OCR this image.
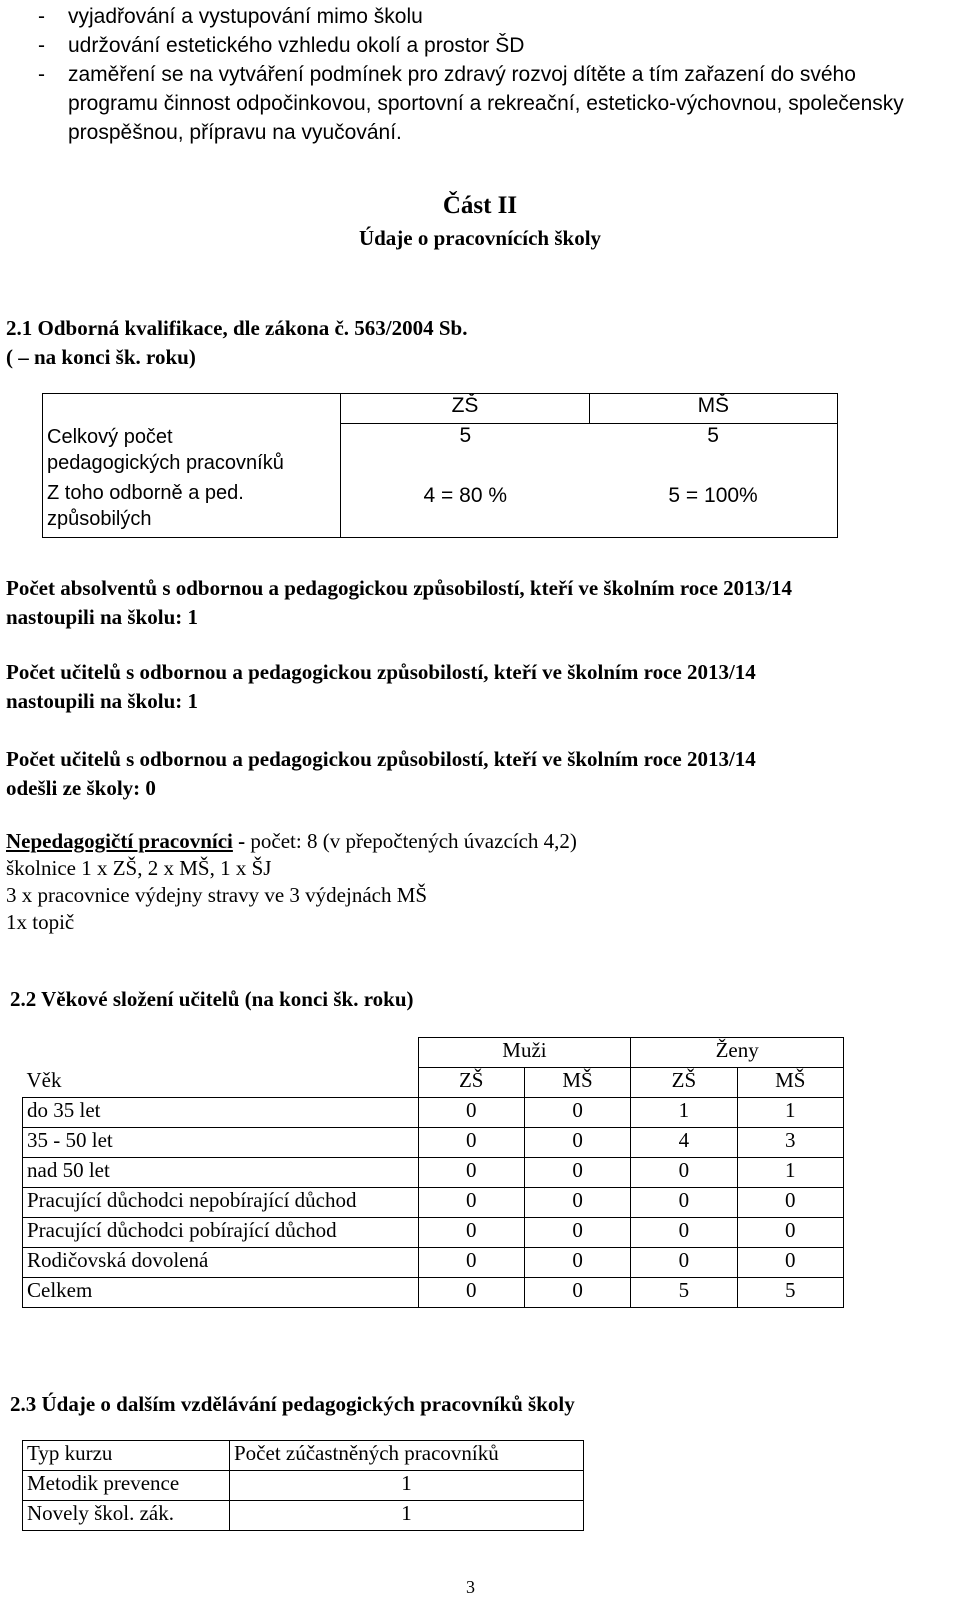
- vyjadřování a vystupování mimo školu
- udržování estetického vzhledu okolí a prostor ŠD
- zaměření se na vytváření podmínek pro zdravý rozvoj dítěte a tím zařazení do svého programu činnost odpočinkovou, sportovní a rekreační, esteticko-výchovnou, společensky prospěšnou, přípravu na vyučování.
Část II
Údaje o pracovnících školy
2.1 Odborná kvalifikace, dle zákona č. 563/2004 Sb.
( – na konci šk. roku)
	ZŠ	MŠ

Celkový počet
pedagogických pracovníků	5	5

Z toho odborně a ped.
způsobilých	4 = 80 %	5 = 100%
Počet absolventů s odbornou a pedagogickou způsobilostí, kteří ve školním roce 2013/14
nastoupili na školu: 1
Počet učitelů s odbornou a pedagogickou způsobilostí, kteří ve školním roce 2013/14
nastoupili na školu: 1
Počet učitelů s odbornou a pedagogickou způsobilostí, kteří ve školním roce 2013/14
odešli ze školy: 0
Nepedagogičtí pracovníci - počet: 8 (v přepočtených úvazcích 4,2)
školnice 1 x ZŠ, 2 x MŠ, 1 x ŠJ
3 x pracovnice výdejny stravy ve 3 výdejnách MŠ
1x topič
2.2 Věkové složení učitelů (na konci šk. roku)
	Muži		Ženy	
Věk	ZŠ	MŠ	ZŠ	MŠ
do 35 let	0	0	1	1
35 - 50 let	0	0	4	3
nad 50 let	0	0	0	1
Pracující důchodci nepobírající důchod	0	0	0	0
Pracující důchodci pobírající důchod	0	0	0	0
Rodičovská dovolená	0	0	0	0
Celkem	0	0	5	5
2.3 Údaje o dalším vzdělávání pedagogických pracovníků školy
Typ kurzu	Počet zúčastněných pracovníků
Metodik prevence	1
Novely škol. zák.	1
3
